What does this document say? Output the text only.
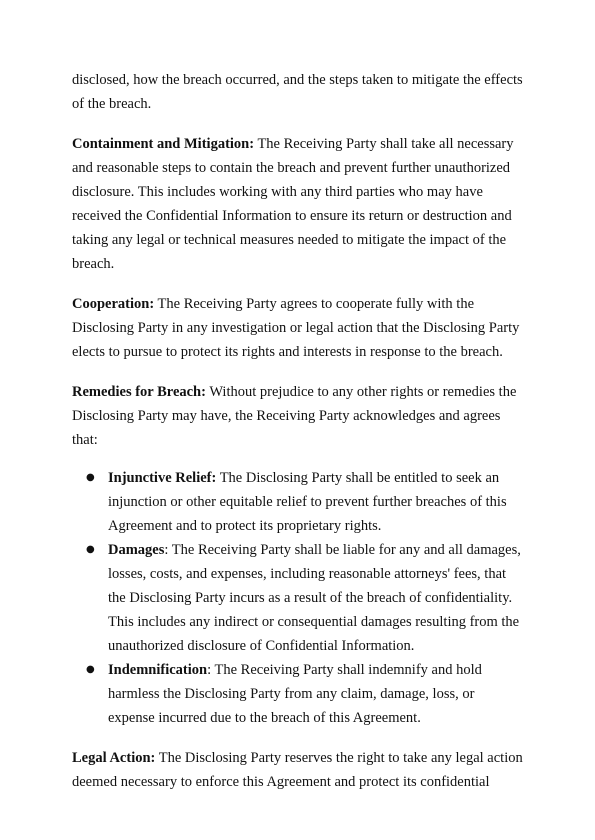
disclosed, how the breach occurred, and the steps taken to mitigate the effects of the breach.

Containment and Mitigation: The Receiving Party shall take all necessary and reasonable steps to contain the breach and prevent further unauthorized disclosure. This includes working with any third parties who may have received the Confidential Information to ensure its return or destruction and taking any legal or technical measures needed to mitigate the impact of the breach.

Cooperation: The Receiving Party agrees to cooperate fully with the Disclosing Party in any investigation or legal action that the Disclosing Party elects to pursue to protect its rights and interests in response to the breach.

Remedies for Breach: Without prejudice to any other rights or remedies the Disclosing Party may have, the Receiving Party acknowledges and agrees that:

● Injunctive Relief: The Disclosing Party shall be entitled to seek an injunction or other equitable relief to prevent further breaches of this Agreement and to protect its proprietary rights.
● Damages: The Receiving Party shall be liable for any and all damages, losses, costs, and expenses, including reasonable attorneys' fees, that the Disclosing Party incurs as a result of the breach of confidentiality. This includes any indirect or consequential damages resulting from the unauthorized disclosure of Confidential Information.
● Indemnification: The Receiving Party shall indemnify and hold harmless the Disclosing Party from any claim, damage, loss, or expense incurred due to the breach of this Agreement.

Legal Action: The Disclosing Party reserves the right to take any legal action deemed necessary to enforce this Agreement and protect its confidential
